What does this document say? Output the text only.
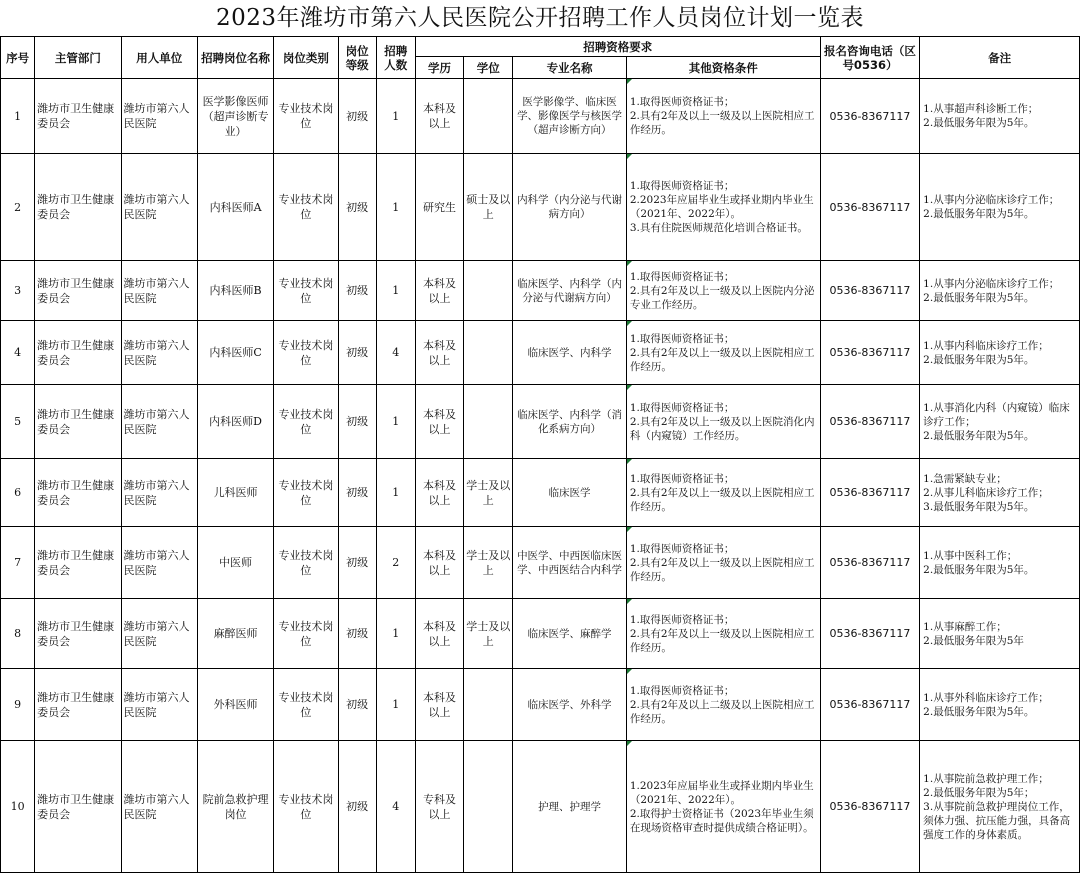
2023年潍坊市第六人民医院公开招聘工作人员岗位计划一览表
序号	主管部门	用人单位	招聘岗位名称	岗位类别	岗位等级	招聘人数	招聘资格要求				报名咨询电话（区号0536）	备注
							学历	学位	专业名称	其他资格条件		
1	潍坊市卫生健康委员会	潍坊市第六人民医院	医学影像医师（超声诊断专业）	专业技术岗位	初级	1	本科及以上		医学影像学、临床医学、影像医学与核医学（超声诊断方向）	1.取得医师资格证书；
2.具有2年及以上一级及以上医院相应工作经历。	0536-8367117	1.从事超声科诊断工作；
2.最低服务年限为5年。

2	潍坊市卫生健康委员会	潍坊市第六人民医院	内科医师A	专业技术岗位	初级	1	研究生	硕士及以上	内科学（内分泌与代谢病方向）	1.取得医师资格证书；
2.2023年应届毕业生或择业期内毕业生（2021年、2022年）。
3.具有住院医师规范化培训合格证书。	0536-8367117	1.从事内分泌临床诊疗工作；
2.最低服务年限为5年。

3	潍坊市卫生健康委员会	潍坊市第六人民医院	内科医师B	专业技术岗位	初级	1	本科及以上		临床医学、内科学（内分泌与代谢病方向）	1.取得医师资格证书；
2.具有2年及以上一级及以上医院内分泌专业工作经历。	0536-8367117	1.从事内分泌临床诊疗工作；
2.最低服务年限为5年。

4	潍坊市卫生健康委员会	潍坊市第六人民医院	内科医师C	专业技术岗位	初级	4	本科及以上		临床医学、内科学	1.取得医师资格证书；
2.具有2年及以上一级及以上医院相应工作经历。	0536-8367117	1.从事内科临床诊疗工作；
2.最低服务年限为5年。

5	潍坊市卫生健康委员会	潍坊市第六人民医院	内科医师D	专业技术岗位	初级	1	本科及以上		临床医学、内科学（消化系病方向）	1.取得医师资格证书；
2.具有2年及以上一级及以上医院消化内科（内窥镜）工作经历。	0536-8367117	1.从事消化内科（内窥镜）临床诊疗工作；
2.最低服务年限为5年。

6	潍坊市卫生健康委员会	潍坊市第六人民医院	儿科医师	专业技术岗位	初级	1	本科及以上	学士及以上	临床医学	1.取得医师资格证书；
2.具有2年及以上一级及以上医院相应工作经历。	0536-8367117	1.急需紧缺专业；
2.从事儿科临床诊疗工作；
3.最低服务年限为5年。

7	潍坊市卫生健康委员会	潍坊市第六人民医院	中医师	专业技术岗位	初级	2	本科及以上	学士及以上	中医学、中西医临床医学、中西医结合内科学	1.取得医师资格证书；
2.具有2年及以上一级及以上医院相应工作经历。	0536-8367117	1.从事中医科工作；
2.最低服务年限为5年。

8	潍坊市卫生健康委员会	潍坊市第六人民医院	麻醉医师	专业技术岗位	初级	1	本科及以上	学士及以上	临床医学、麻醉学	1.取得医师资格证书；
2.具有2年及以上一级及以上医院相应工作经历。	0536-8367117	1.从事麻醉工作；
2.最低服务年限为5年

9	潍坊市卫生健康委员会	潍坊市第六人民医院	外科医师	专业技术岗位	初级	1	本科及以上		临床医学、外科学	1.取得医师资格证书；
2.具有2年及以上二级及以上医院相应工作经历。	0536-8367117	1.从事外科临床诊疗工作；
2.最低服务年限为5年。

10	潍坊市卫生健康委员会	潍坊市第六人民医院	院前急救护理岗位	专业技术岗位	初级	4	专科及以上		护理、护理学	1.2023年应届毕业生或择业期内毕业生（2021年、2022年）。
2.取得护士资格证书（2023年毕业生须在现场资格审查时提供成绩合格证明）。	0536-8367117	1.从事院前急救护理工作；
2.最低服务年限为5年；
3.从事院前急救护理岗位工作，须体力强、抗压能力强，具备高强度工作的身体素质。
